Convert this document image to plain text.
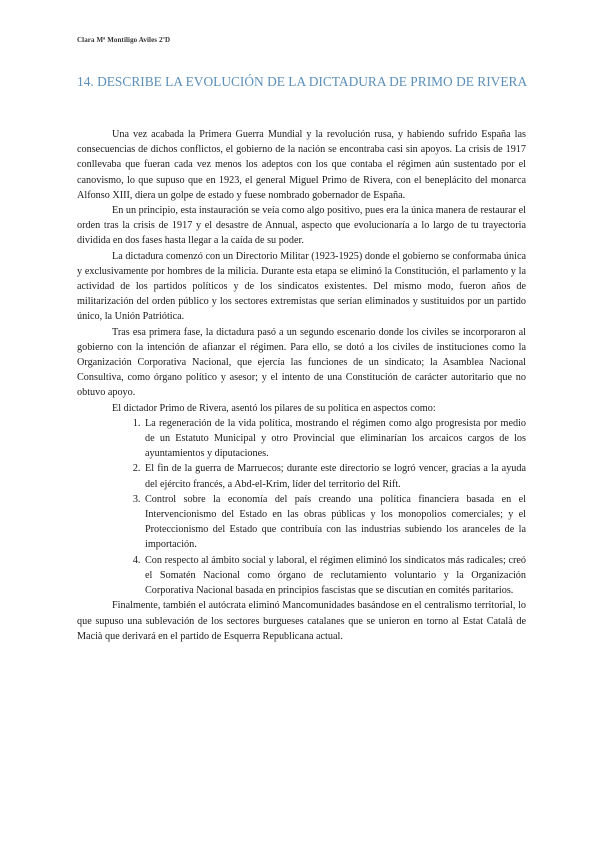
Clara Mª Montiligo Aviles 2ºD
14. DESCRIBE LA EVOLUCIÓN DE LA DICTADURA DE PRIMO DE RIVERA

Una vez acabada la Primera Guerra Mundial y la revolución rusa, y habiendo sufrido España las consecuencias de dichos conflictos, el gobierno de la nación se encontraba casi sin apoyos. La crisis de 1917 conllevaba que fueran cada vez menos los adeptos con los que contaba el régimen aún sustentado por el canovismo, lo que supuso que en 1923, el general Miguel Primo de Rivera, con el beneplácito del monarca Alfonso XIII, diera un golpe de estado y fuese nombrado gobernador de España.

En un principio, esta instauración se veía como algo positivo, pues era la única manera de restaurar el orden tras la crisis de 1917 y el desastre de Annual, aspecto que evolucionaría a lo largo de tu trayectoria dividida en dos fases hasta llegar a la caída de su poder.

La dictadura comenzó con un Directorio Militar (1923-1925) donde el gobierno se conformaba única y exclusivamente por hombres de la milicia. Durante esta etapa se eliminó la Constitución, el parlamento y la actividad de los partidos políticos y de los sindicatos existentes. Del mismo modo, fueron años de militarización del orden público y los sectores extremistas que serían eliminados y sustituidos por un partido único, la Unión Patriótica.

Tras esa primera fase, la dictadura pasó a un segundo escenario donde los civiles se incorporaron al gobierno con la intención de afianzar el régimen. Para ello, se dotó a los civiles de instituciones como la Organización Corporativa Nacional, que ejercía las funciones de un sindicato; la Asamblea Nacional Consultiva, como órgano político y asesor; y el intento de una Constitución de carácter autoritario que no obtuvo apoyo.

El dictador Primo de Rivera, asentó los pilares de su política en aspectos como:

1. La regeneración de la vida política, mostrando el régimen como algo progresista por medio de un Estatuto Municipal y otro Provincial que eliminarían los arcaicos cargos de los ayuntamientos y diputaciones.
2. El fin de la guerra de Marruecos; durante este directorio se logró vencer, gracias a la ayuda del ejército francés, a Abd-el-Krim, líder del territorio del Rift.
3. Control sobre la economía del país creando una política financiera basada en el Intervencionismo del Estado en las obras públicas y los monopolios comerciales; y el Proteccionismo del Estado que contribuía con las industrias subiendo los aranceles de la importación.
4. Con respecto al ámbito social y laboral, el régimen eliminó los sindicatos más radicales; creó el Somatén Nacional como órgano de reclutamiento voluntario y la Organización Corporativa Nacional basada en principios fascistas que se discutían en comités paritarios.

Finalmente, también el autócrata eliminó Mancomunidades basándose en el centralismo territorial, lo que supuso una sublevación de los sectores burgueses catalanes que se unieron en torno al Estat Català de Macià que derivará en el partido de Esquerra Republicana actual.
